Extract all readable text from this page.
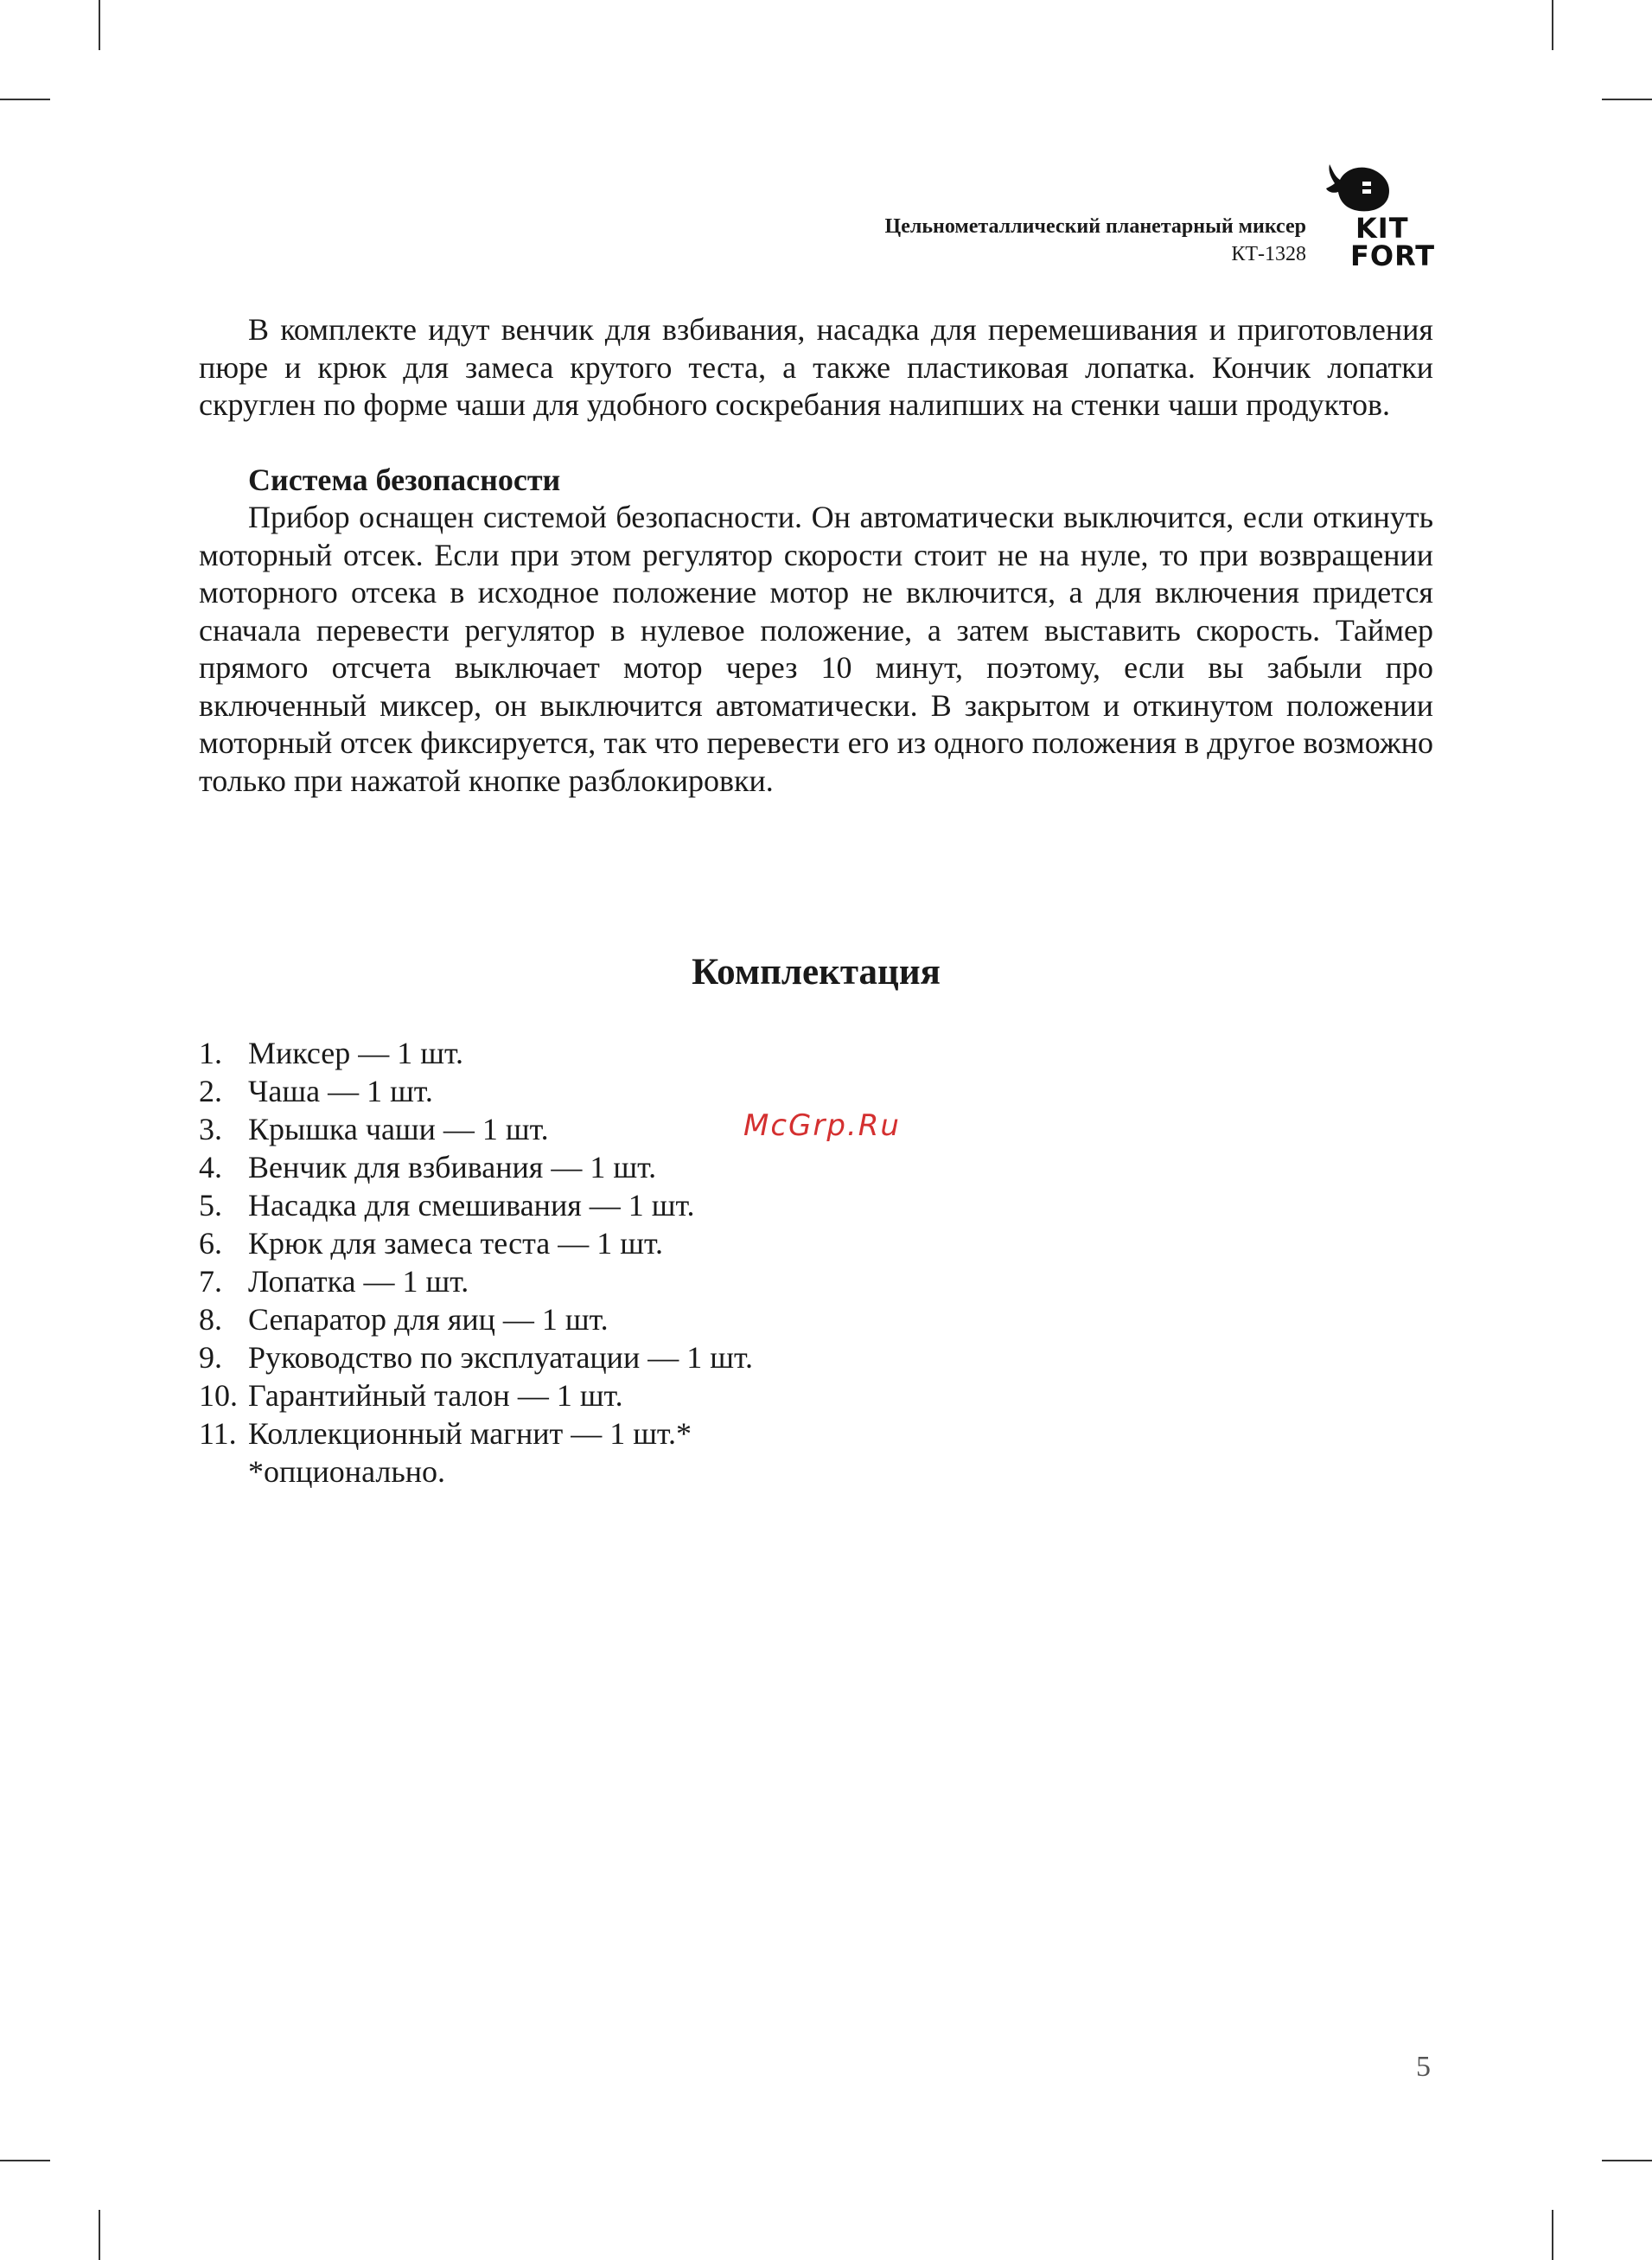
Цельнометаллический планетарный миксер
КТ-1328
KIT
FORT

В комплекте идут венчик для взбивания, насадка для перемешивания и приготовления пюре и крюк для замеса крутого теста, а также пластиковая лопатка. Кончик лопатки скруглен по форме чаши для удобного соскребания налипших на стенки чаши продуктов.

Система безопасности

Прибор оснащен системой безопасности. Он автоматически выключится, если откинуть моторный отсек. Если при этом регулятор скорости стоит не на нуле, то при возвращении моторного отсека в исходное положение мотор не включится, а для включения придется сначала перевести регулятор в нулевое положение, а затем выставить скорость. Таймер прямого отсчета выключает мотор через 10 минут, поэтому, если вы забыли про включенный миксер, он выключится автоматически. В закрытом и откинутом положении моторный отсек фиксируется, так что перевести его из одного положения в другое возможно только при нажатой кнопке разблокировки.

Комплектация
1. Миксер — 1 шт.
2. Чаша — 1 шт.
3. Крышка чаши — 1 шт.
4. Венчик для взбивания — 1 шт.
5. Насадка для смешивания — 1 шт.
6. Крюк для замеса теста — 1 шт.
7. Лопатка — 1 шт.
8. Сепаратор для яиц — 1 шт.
9. Руководство по эксплуатации — 1 шт.
10. Гарантийный талон — 1 шт.
11. Коллекционный магнит — 1 шт.*
*опционально.
McGrp.Ru
5
